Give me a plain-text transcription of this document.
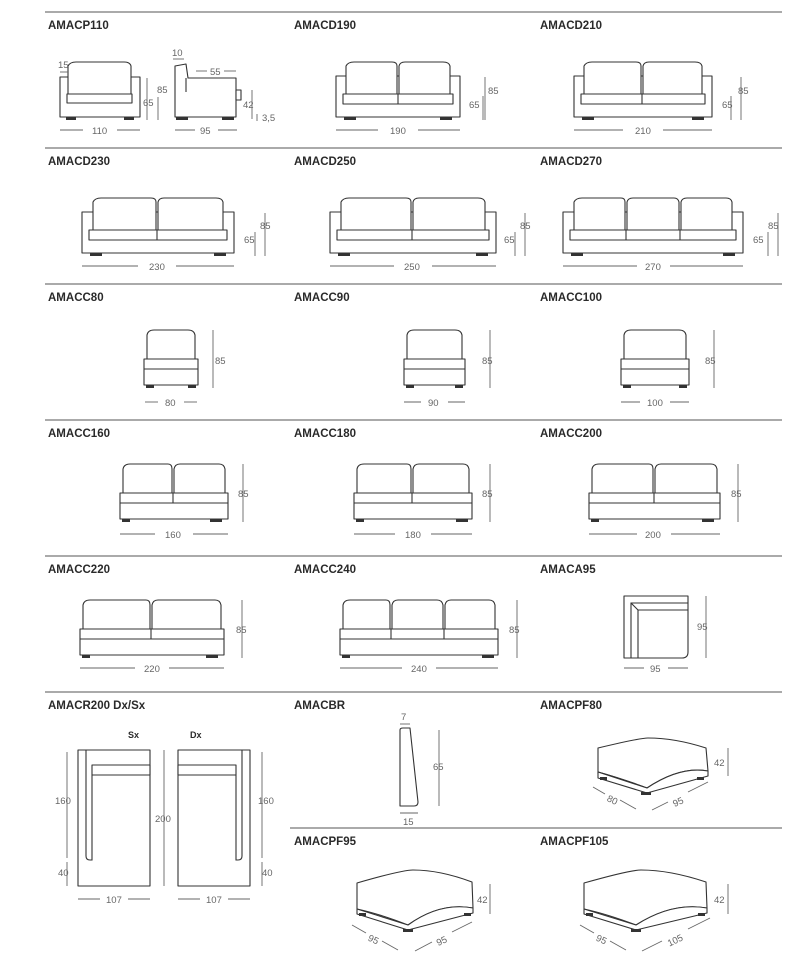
AMACP110
15
85
65
110
10
55
42
3,5
95
AMACD190
85
65
190
AMACD210
85
65
210
AMACD230
85
65
230
AMACD250
85
65
250
AMACD270
85
65
270
AMACC80
85
80
AMACC90
85
90
AMACC100
85
100
AMACC160
85
160
AMACC180
85
180
AMACC200
85
200
AMACC220
85
220
AMACC240
85
240
AMACA95
95
95
AMACR200 Dx/Sx
Sx	Dx
160
40
200
160
40
107	107
AMACBR
7
65
15
AMACPF80
42
80	95
AMACPF95
42
95	95
AMACPF105
42
95	105
